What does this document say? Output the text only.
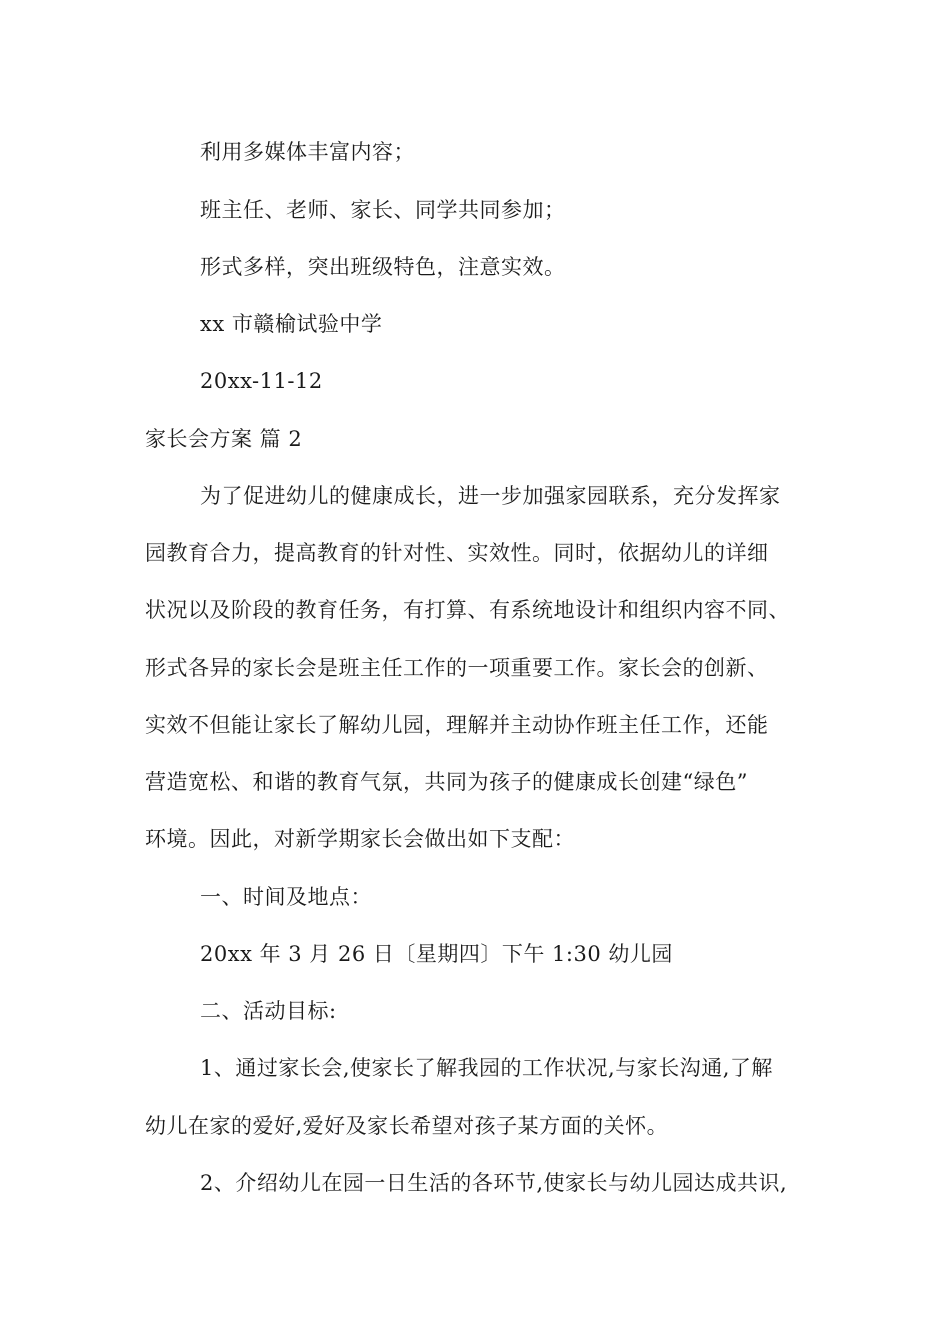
利用多媒体丰富内容；
班主任、老师、家长、同学共同参加；
形式多样，突出班级特色，注意实效。
xx 市赣榆试验中学
20xx-11-12
家长会方案 篇 2
为了促进幼儿的健康成长，进一步加强家园联系，充分发挥家
园教育合力，提高教育的针对性、实效性。同时，依据幼儿的详细
状况以及阶段的教育任务，有打算、有系统地设计和组织内容不同、
形式各异的家长会是班主任工作的一项重要工作。家长会的创新、
实效不但能让家长了解幼儿园，理解并主动协作班主任工作，还能
营造宽松、和谐的教育气氛，共同为孩子的健康成长创建“绿色”
环境。因此，对新学期家长会做出如下支配：
一、时间及地点：
20xx 年 3 月 26 日〔星期四〕下午 1:30 幼儿园
二、活动目标:
1、通过家长会,使家长了解我园的工作状况,与家长沟通,了解
幼儿在家的爱好,爱好及家长希望对孩子某方面的关怀。
2、介绍幼儿在园一日生活的各环节,使家长与幼儿园达成共识,
